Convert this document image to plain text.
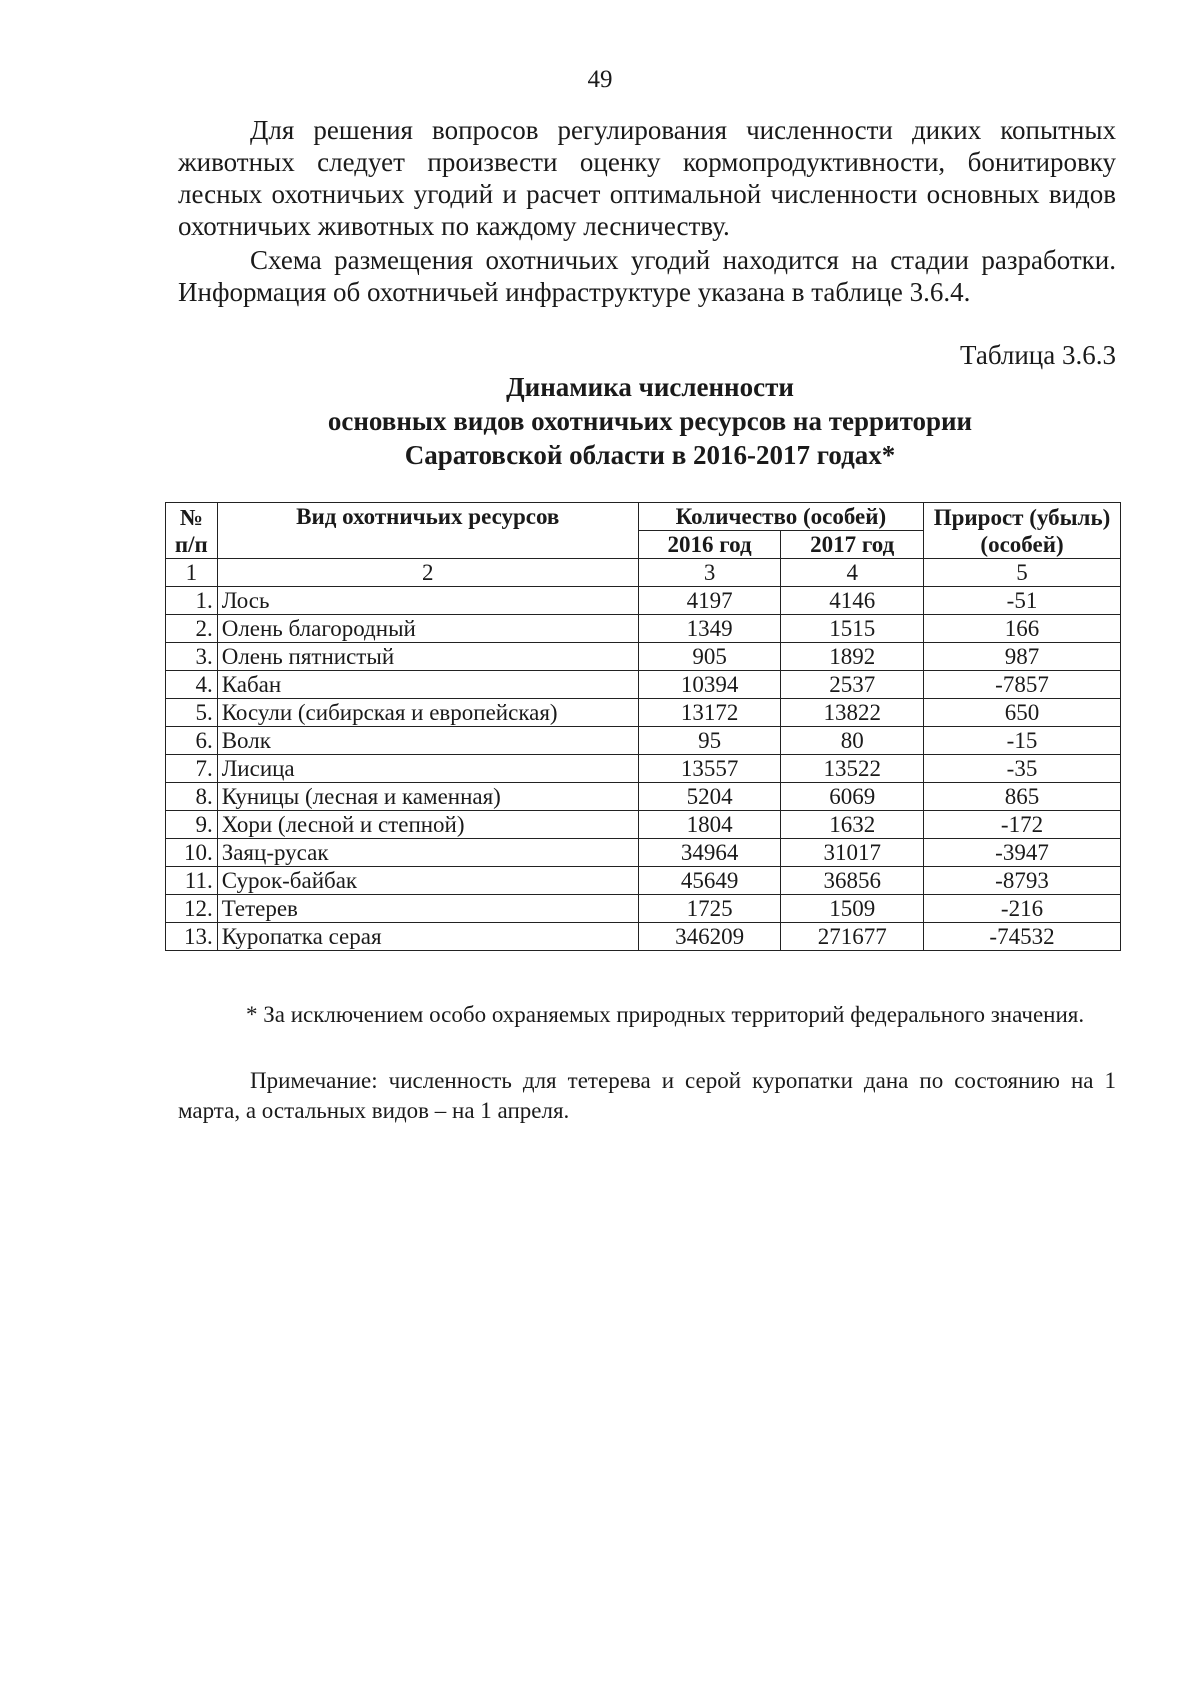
49

Для решения вопросов регулирования численности диких копытных животных следует произвести оценку кормопродуктивности, бонитировку лесных охотничьих угодий и расчет оптимальной численности основных видов охотничьих животных по каждому лесничеству.

Схема размещения охотничьих угодий находится на стадии разработки. Информация об охотничьей инфраструктуре указана в таблице 3.6.4.

Таблица 3.6.3
Динамика численности
основных видов охотничьих ресурсов на территории
Саратовской области в 2016-2017 годах*
№ п/п	Вид охотничьих ресурсов	Количество (особей)		Прирост (убыль) (особей)
		2016 год	2017 год	
1	2	3	4	5
1.	Лось	4197	4146	-51
2.	Олень благородный	1349	1515	166
3.	Олень пятнистый	905	1892	987
4.	Кабан	10394	2537	-7857
5.	Косули (сибирская и европейская)	13172	13822	650
6.	Волк	95	80	-15
7.	Лисица	13557	13522	-35
8.	Куницы (лесная и каменная)	5204	6069	865
9.	Хори (лесной и степной)	1804	1632	-172
10.	Заяц-русак	34964	31017	-3947
11.	Сурок-байбак	45649	36856	-8793
12.	Тетерев	1725	1509	-216
13.	Куропатка серая	346209	271677	-74532
* За исключением особо охраняемых природных территорий федерального значения.

Примечание: численность для тетерева и серой куропатки дана по состоянию на 1 марта, а остальных видов – на 1 апреля.
